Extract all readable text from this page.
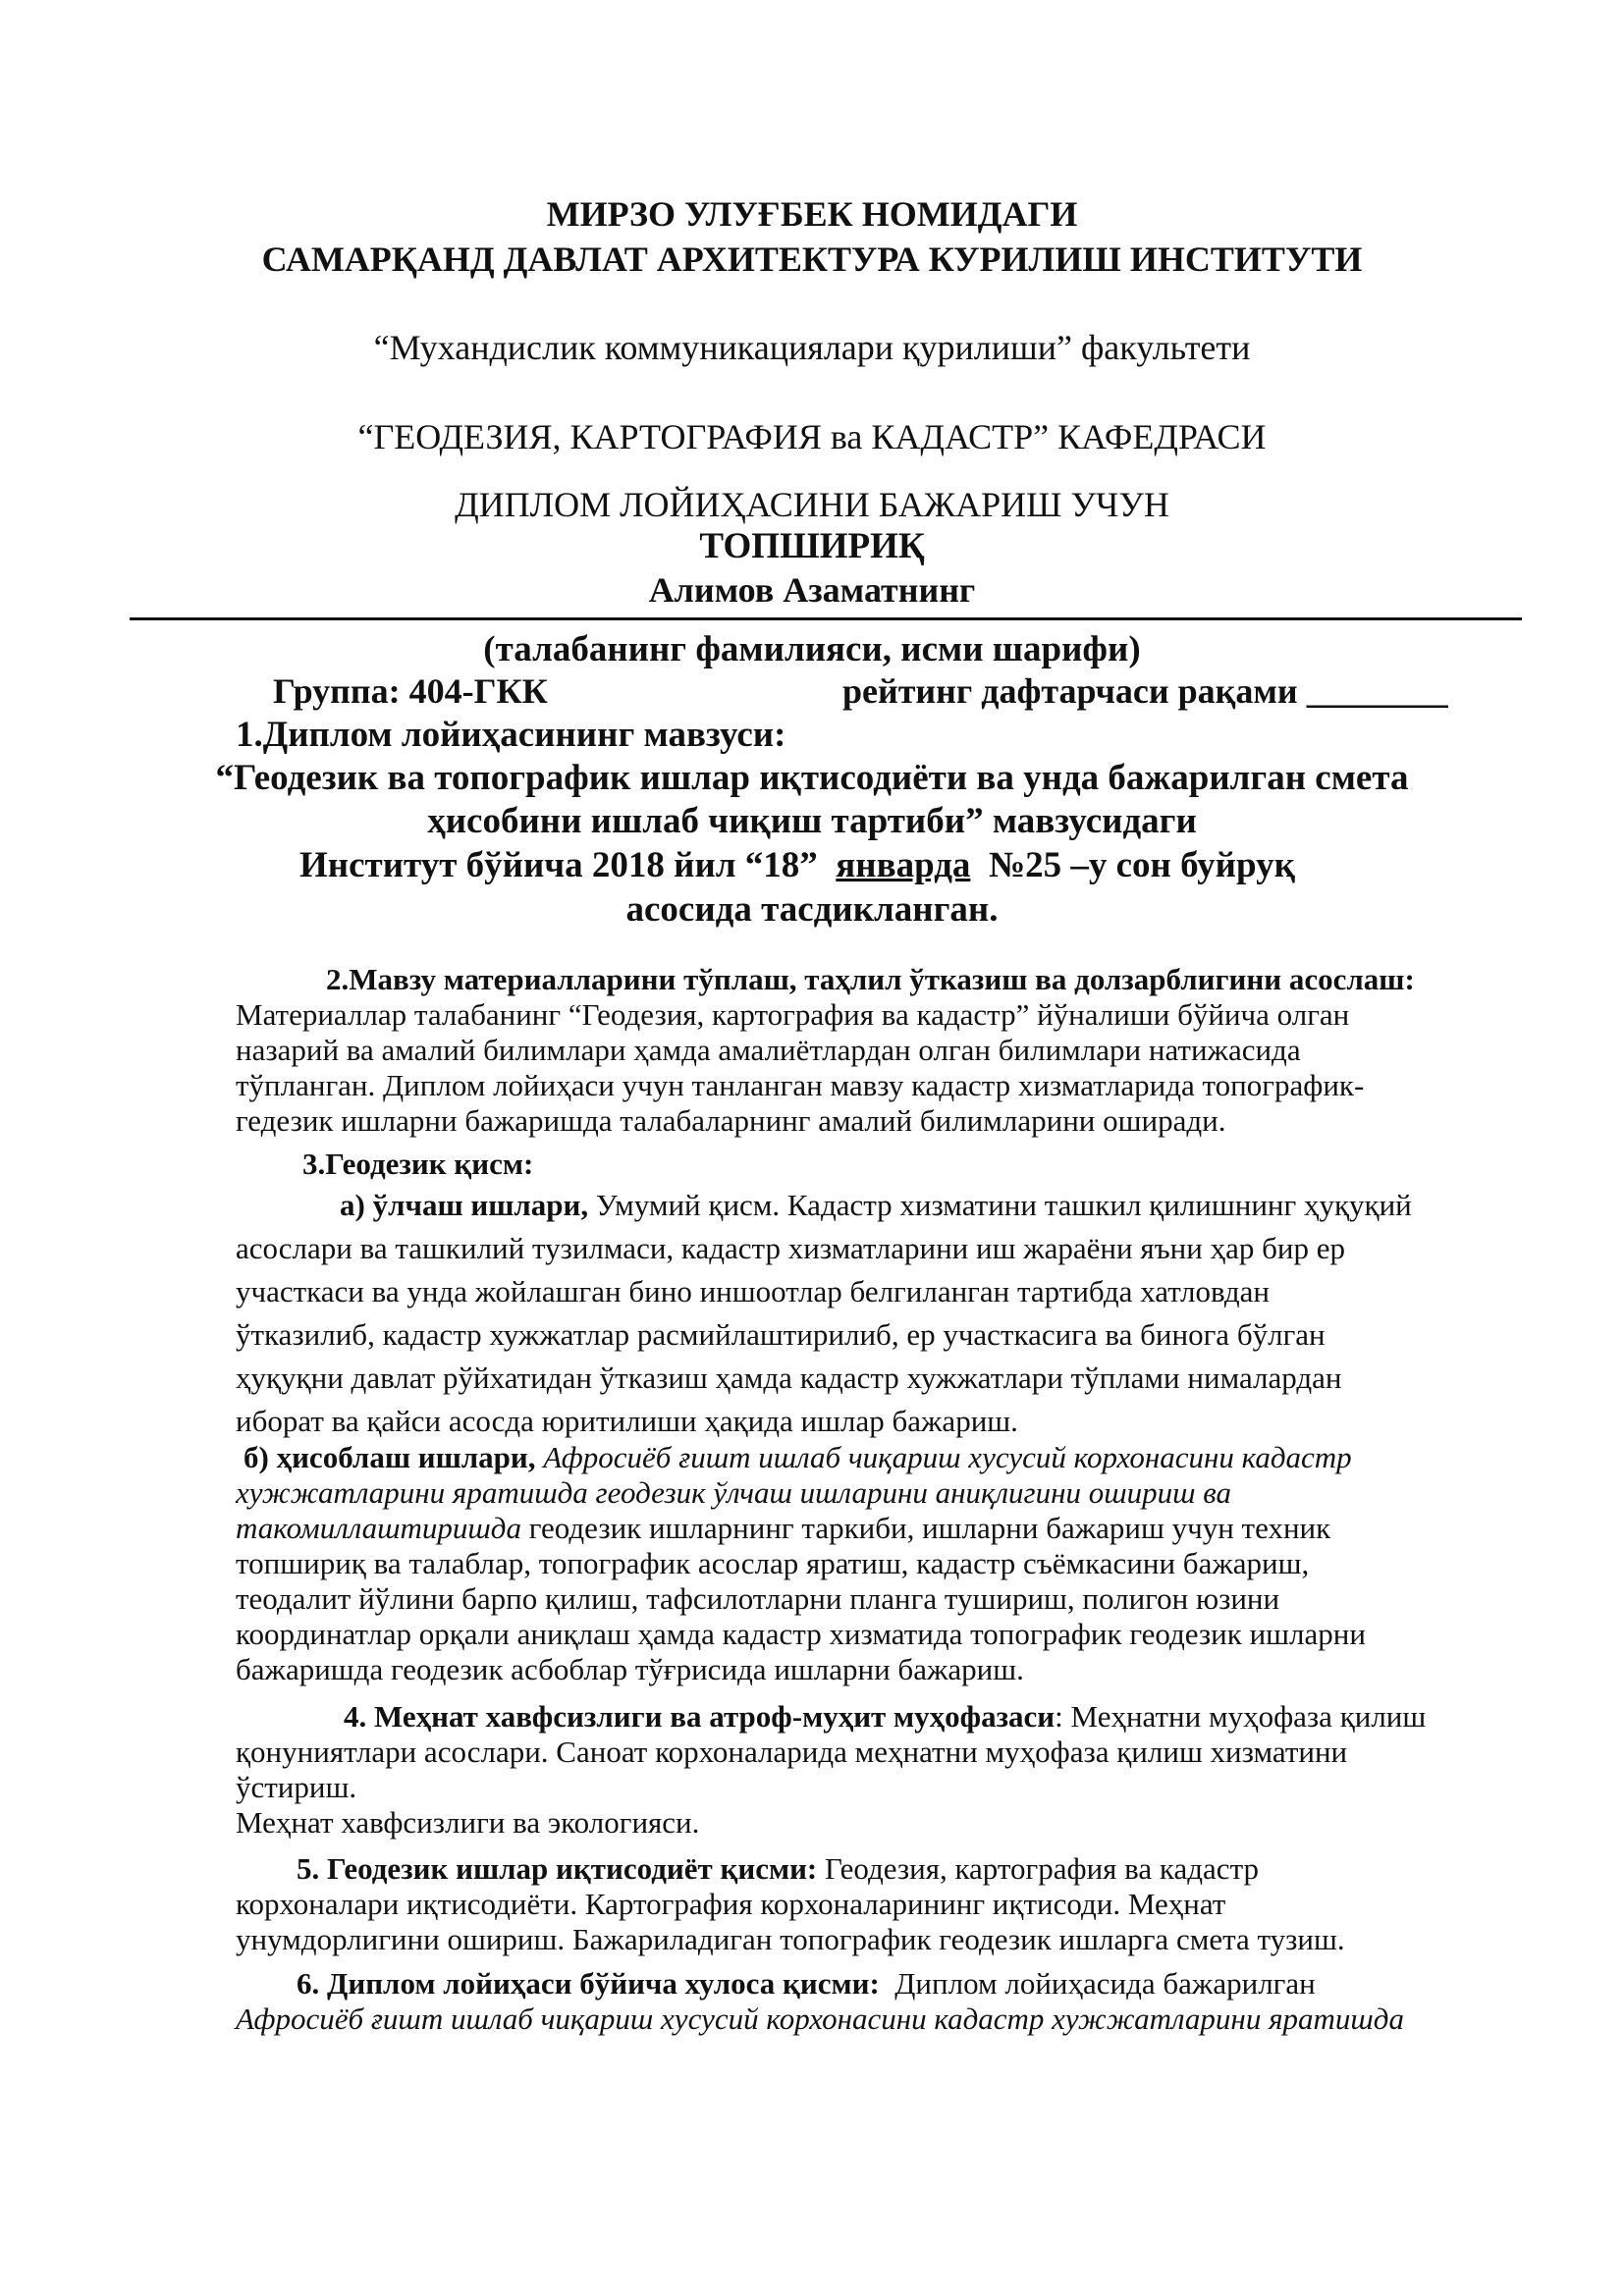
МИРЗО УЛУҒБЕК НОМИДАГИ
САМАРҚАНД ДАВЛАТ АРХИТЕКТУРА КУРИЛИШ ИНСТИТУТИ
“Мухандислик коммуникациялари қурилиши” факультети
“ГЕОДЕЗИЯ, КАРТОГРАФИЯ ва КАДАСТР” КАФЕДРАСИ
ДИПЛОМ ЛОЙИҲАСИНИ БАЖАРИШ УЧУН
ТОПШИРИҚ
Алимов Азаматнинг
(талабанинг фамилияси, исми шарифи)
Группа: 404-ГКК	рейтинг дафтарчаси рақами ________
1.Диплом лойиҳасининг мавзуси:
“Геодезик ва топографик ишлар иқтисодиёти ва унда бажарилган смета
ҳисобини ишлаб чиқиш тартиби” мавзусидаги
Институт бўйича 2018 йил “18”  январда  №25 –у сон буйруқ
асосида тасдикланган.
2.Мавзу материалларини тўплаш, таҳлил ўтказиш ва долзарблигини асослаш:
Материаллар талабанинг “Геодезия, картография ва кадастр” йўналиши бўйича олган
назарий ва амалий билимлари ҳамда амалиётлардан олган билимлари натижасида
тўпланган. Диплом лойиҳаси учун танланган мавзу кадастр хизматларида топографик-
гедезик ишларни бажаришда талабаларнинг амалий билимларини оширади.
3.Геодезик қисм:
а) ўлчаш ишлари, Умумий қисм. Кадастр хизматини ташкил қилишнинг ҳуқуқий
асослари ва ташкилий тузилмаси, кадастр хизматларини иш жараёни яъни ҳар бир ер
участкаси ва унда жойлашган бино иншоотлар белгиланган тартибда хатловдан
ўтказилиб, кадастр хужжатлар расмийлаштирилиб, ер участкасига ва бинога бўлган
ҳуқуқни давлат рўйхатидан ўтказиш ҳамда кадастр хужжатлари тўплами нималардан
иборат ва қайси асосда юритилиши ҳақида ишлар бажариш.
б) ҳисоблаш ишлари, Афросиёб ғишт ишлаб чиқариш хусусий корхонасини кадастр
хужжатларини яратишда геодезик ўлчаш ишларини аниқлигини ошириш ва
такомиллаштиришда геодезик ишларнинг таркиби, ишларни бажариш учун техник
топшириқ ва талаблар, топографик асослар яратиш, кадастр съёмкасини бажариш,
теодалит йўлини барпо қилиш, тафсилотларни планга тушириш, полигон юзини
координатлар орқали аниқлаш ҳамда кадастр хизматида топографик геодезик ишларни
бажаришда геодезик асбоблар тўғрисида ишларни бажариш.
4. Меҳнат хавфсизлиги ва атроф-муҳит муҳофазаси: Меҳнатни муҳофаза қилиш
қонуниятлари асослари. Саноат корхоналарида меҳнатни муҳофаза қилиш хизматини
ўстириш.
Меҳнат хавфсизлиги ва экологияси.
5. Геодезик ишлар иқтисодиёт қисми: Геодезия, картография ва кадастр
корхоналари иқтисодиёти. Картография корхоналарининг иқтисоди. Меҳнат
унумдорлигини ошириш. Бажариладиган топографик геодезик ишларга смета тузиш.
6. Диплом лойиҳаси бўйича хулоса қисми:  Диплом лойиҳасида бажарилган
Афросиёб ғишт ишлаб чиқариш хусусий корхонасини кадастр хужжатларини яратишда
